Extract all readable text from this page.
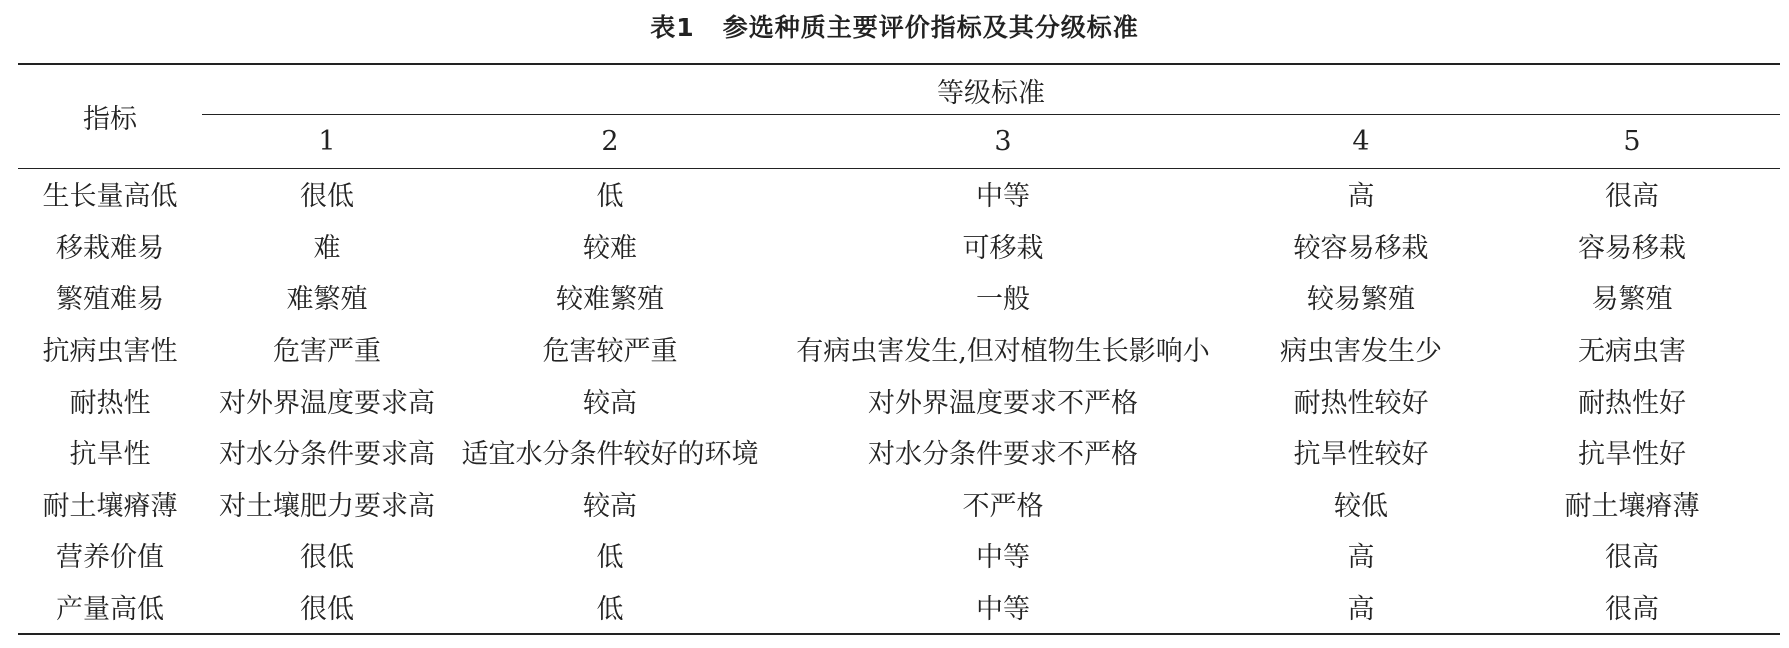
表1 参选种质主要评价指标及其分级标准
指标	等级标准				
	1	2	3	4	5
生长量高低	很低	低	中等	高	很高
移栽难易	难	较难	可移栽	较容易移栽	容易移栽
繁殖难易	难繁殖	较难繁殖	一般	较易繁殖	易繁殖
抗病虫害性	危害严重	危害较严重	有病虫害发生,但对植物生长影响小	病虫害发生少	无病虫害
耐热性	对外界温度要求高	较高	对外界温度要求不严格	耐热性较好	耐热性好
抗旱性	对水分条件要求高	适宜水分条件较好的环境	对水分条件要求不严格	抗旱性较好	抗旱性好
耐土壤瘠薄	对土壤肥力要求高	较高	不严格	较低	耐土壤瘠薄
营养价值	很低	低	中等	高	很高
产量高低	很低	低	中等	高	很高
